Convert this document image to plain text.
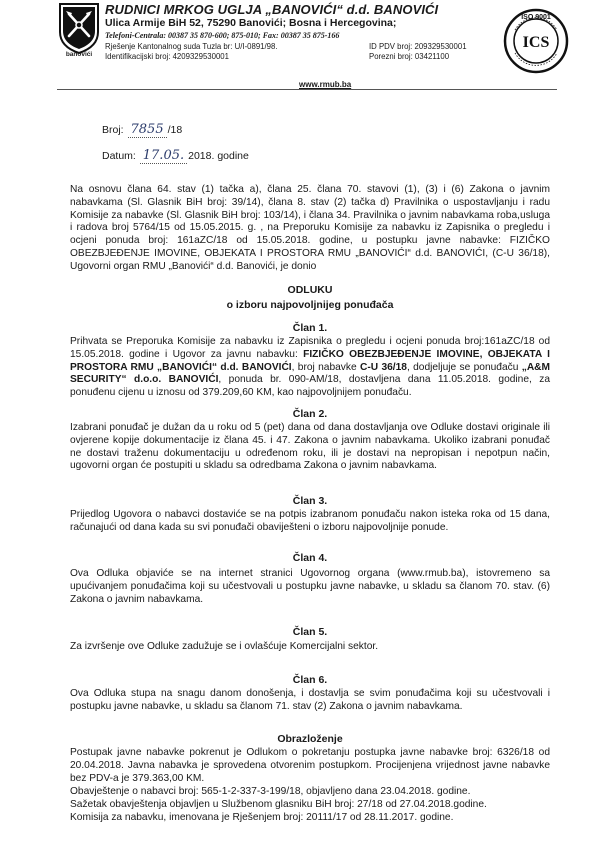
banovići
RUDNICI MRKOG UGLJA „BANOVIĆI“ d.d. BANOVIĆI
Ulica Armije BiH 52, 75290 Banovići; Bosna i Hercegovina;
Telefoni-Centrala: 00387 35 870-600; 875-010; Fax: 00387 35 875-166
Rješenje Kantonalnog suda Tuzla br: U/I-0891/98.
Identifikacijski broj: 4209329530001
ID PDV broj: 209329530001
Porezni broj: 03421100
www.rmub.ba
ISO 9001
ICS
Broj: 7855 /18
Datum: 17.05. 2018. godine

Na osnovu člana 64. stav (1) tačka a), člana 25. člana 70. stavovi (1), (3) i (6) Zakona o javnim nabavkama (Sl. Glasnik BiH broj: 39/14), člana 8. stav (2) tačka d) Pravilnika o uspostavljanju i radu Komisije za nabavke (Sl. Glasnik BiH broj: 103/14), i člana 34. Pravilnika o javnim nabavkama roba,usluga i radova broj 5764/15 od 15.05.2015. g. , na Preporuku Komisije za nabavku iz Zapisnika o pregledu i ocjeni ponuda broj: 161aZC/18 od 15.05.2018. godine, u postupku javne nabavke: FIZIČKO OBEZBJEĐENJE IMOVINE, OBJEKATA I PROSTORA RMU „BANOVIĆI“ d.d. BANOVIĆI, (C-U 36/18), Ugovorni organ RMU „Banovići“ d.d. Banovići, je donio

ODLUKU

o izboru najpovoljnijeg ponuđača

Član 1.

Prihvata se Preporuka Komisije za nabavku iz Zapisnika o pregledu i ocjeni ponuda broj:161aZC/18 od 15.05.2018. godine i Ugovor za javnu nabavku: FIZIČKO OBEZBJEĐENJE IMOVINE, OBJEKATA I PROSTORA RMU „BANOVIĆI“ d.d. BANOVIĆI, broj nabavke C-U 36/18, dodjeljuje se ponuđaču „A&M SECURITY“ d.o.o. BANOVIĆI, ponuda br. 090-AM/18, dostavljena dana 11.05.2018. godine, za ponuđenu cijenu u iznosu od 379.209,60 KM, kao najpovoljnijem ponuđaču.

Član 2.

Izabrani ponuđač je dužan da u roku od 5 (pet) dana od dana dostavljanja ove Odluke dostavi originale ili ovjerene kopije dokumentacije iz člana 45. i 47. Zakona o javnim nabavkama. Ukoliko izabrani ponuđač ne dostavi traženu dokumentaciju u određenom roku, ili je dostavi na nepropisan i nepotpun način, ugovorni organ će postupiti u skladu sa odredbama Zakona o javnim nabavkama.

Član 3.

Prijedlog Ugovora o nabavci dostaviće se na potpis izabranom ponuđaču nakon isteka roka od 15 dana, računajući od dana kada su svi ponuđači obaviješteni o izboru najpovoljnije ponude.

Član 4.

Ova Odluka objaviće se na internet stranici Ugovornog organa (www.rmub.ba), istovremeno sa upućivanjem ponuđačima koji su učestvovali u postupku javne nabavke, u skladu sa članom 70. stav. (6) Zakona o javnim nabavkama.

Član 5.

Za izvršenje ove Odluke zadužuje se i ovlašćuje Komercijalni sektor.

Član 6.

Ova Odluka stupa na snagu danom donošenja, i dostavlja se svim ponuđačima koji su učestvovali i postupku javne nabavke, u skladu sa članom 71. stav (2) Zakona o javnim nabavkama.

Obrazloženje

Postupak javne nabavke pokrenut je Odlukom o pokretanju postupka javne nabavke broj: 6326/18 od 20.04.2018. Javna nabavka je sprovedena otvorenim postupkom. Procijenjena vrijednost javne nabavke bez PDV-a je 379.363,00 KM.

Obavještenje o nabavci broj: 565-1-2-337-3-199/18, objavljeno dana 23.04.2018. godine.

Sažetak obavještenja objavljen u Službenom glasniku BiH broj: 27/18 od 27.04.2018.godine.

Komisija za nabavku, imenovana je Rješenjem broj: 20111/17 od 28.11.2017. godine.
